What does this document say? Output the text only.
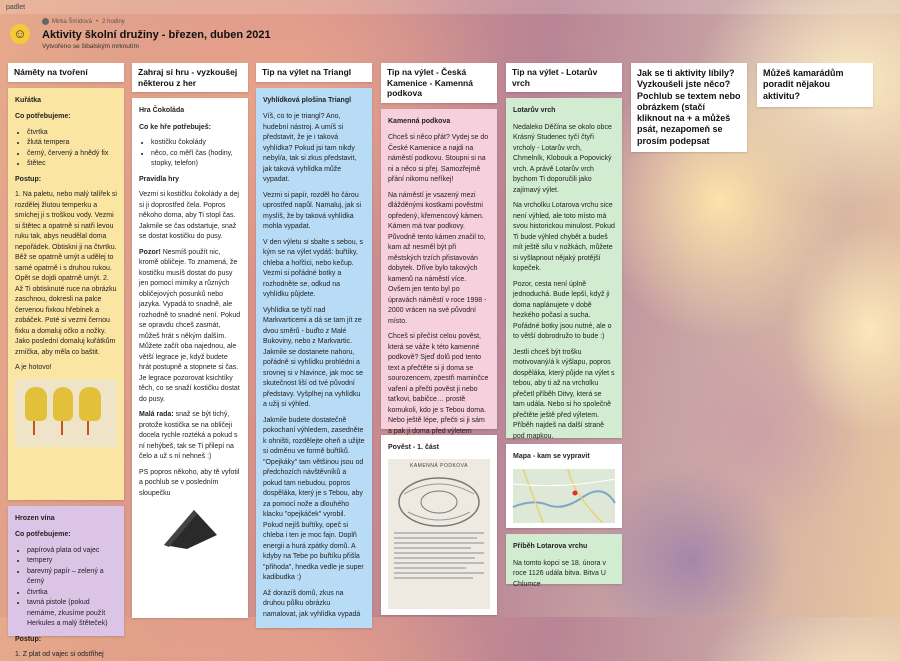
padlet
☺
Mirka Šmídová • 2 hodiny
Aktivity školní družiny - březen, duben 2021
Vytvořeno se šibalským mrknutím
Náměty na tvoření
Kuřátka

Co potřebujeme:

• čtvrtka
• žlutá tempera
• černý, červený a hnědý fix
• štětec

Postup:

1. Na paletu, nebo malý talířek si rozdělej žlutou temperku a smíchej ji s troškou vody. Vezmi si štětec a opatrně si natři levou ruku tak, abys neudělal doma nepořádek. Obtiskni ji na čtvrtku. Běž se opatrně umýt a udělej to samé opatrně i s druhou rukou. Opět se dojdi opatrně umýt. 2. Až Ti obtisknuté ruce na obrázku zaschnou, dokresli na palce červenou fixkou hřebínek a zobáček. Poté si vezmi černou fixku a domaluj očko a nožky. Jako poslední domaluj kuřátkům zrníčka, aby měla co baštit.

A je hotovo!

Hrozen vína

Co potřebujeme:

• papírová plata od vajec
• tempery
• barevný papír – zelený a černý
• čtvrtka
• tavná pistole (pokud nemáme, zkusíme použít Herkules a malý štěteček)

Postup:

1. Z plat od vajec si odstřihej

Zahraj si hru - vyzkoušej některou z her
Hra Čokoláda

Co ke hře potřebuješ:

• kostičku čokolády
• něco, co měří čas (hodiny, stopky, telefon)

Pravidla hry

Vezmi si kostičku čokolády a dej si ji doprostřed čela. Popros někoho doma, aby Ti stopl čas. Jakmile se čas odstartuje, snaž se dostat kostičku do pusy.

Pozor! Nesmíš použít nic, kromě obličeje. To znamená, že kostičku musíš dostat do pusy jen pomocí mimiky a různých obličejových posunků nebo jazyka. Vypadá to snadně, ale rozhodně to snadné není. Pokud se opravdu chceš zasmát, můžeš hrát s někým dalším. Můžete začít oba najednou, ale větší legrace je, když budete hrát postupně a stopnete si čas. Je legrace pozorovat ksichtíky těch, co se snaží kostičku dostat do pusy.

Malá rada: snaž se být tichý, protože kostička se na obličeji docela rychle roztéká a pokud s ní nehýbeš, tak se Ti přilepí na čelo a už s ní nehneš :)

PS popros někoho, aby tě vyfotil a pochlub se v posledním sloupečku

Tip na výlet na Triangl
Vyhlídková plošina Triangl

Víš, co to je triangl? Ano, hudební nástroj. A umíš si představit, že je i taková vyhlídka? Pokud jsi tam nikdy nebyl/a, tak si zkus představit, jak taková vyhlídka může vypadat.

Vezmi si papír, rozděl ho čárou uprostřed napůl. Namaluj, jak si myslíš, že by taková vyhlídka mohla vypadat.

V den výletu si sbalte s sebou, s kým se na výlet vydáš: buřtíky, chleba a hořčici, nebo kečup. Vezmi si pořádné botky a rozhodněte se, odkud na vyhlídku půjdete.

Vyhlídka se tyčí nad Markvarticemi a dá se tam jít ze dvou směrů - buďto z Malé Bukoviny, nebo z Markvartic. Jakmile se dostanete nahoru, pořádně si vyhlídku prohlédni a srovnej si v hlavince, jak moc se skutečnost liší od tvé původní představy. Vyšplhej na vyhlídku a užij si výhled.

Jakmile budete dostatečně pokochaní výhledem, zasedněte k ohništi, rozdělejte oheň a užijte si odměnu ve formě buřtíků. "Opejkáky" tam většinou jsou od předchozích návštěvníků a pokud tam nebudou, popros dospěláka, který je s Tebou, aby za pomocí nože a dlouhého klacku "opejkáček" vyrobil. Pokud nejíš buřtíky, opeč si chleba i ten je moc fajn. Doplň energii a hurá zpátky domů. A kdyby na Tebe po buřtíku přišla "přihoda", hnedka vedle je super kadibudka :)

Až dorazíš domů, zkus na druhou půlku obrázku namalovat, jak vyhlídka vypadá

Tip na výlet - Česká Kamenice - Kamenná podkova
Kamenná podkova

Chceš si něco přát? Vydej se do České Kamenice a najdi na náměstí podkovu. Stoupni si na ni a něco si přej. Samozřejmě přání nikomu neříkej!

Na náměstí je vsazený mezi dlážděnými kostkami pověstmi opředený, křemencový kámen. Kámen má tvar podkovy. Původně tento kámen značil to, kam až nesměl být při městských trzích přistavován dobytek. Dříve bylo takových kamenů na náměstí více. Ovšem jen tento byl po úpravách náměstí v roce 1998 - 2000 vrácen na své původní místo.

Chceš si přečíst celou pověst, která se váže k této kamenné podkově? Sjeď dolů pod tento text a přečtěte si ji doma se sourozencem, zpestři maminčce vaření a přečti pověst ji nebo taťkovi, babičce… prostě komukoli, kdo je s Tebou doma. Nebo ještě lépe, přečti si ji sám a pak ji doma před výletem

Pověst - 1. část
KAMENNÁ PODKOVA
Tip na výlet - Lotarův vrch
Lotarův vrch

Nedaleko Děčína se okolo obce Krásný Studenec tyčí čtyři vrcholy - Lotarův vrch, Chmelník, Klobouk a Popovický vrch. A právě Lotarův vrch bychom Ti doporučili jako zajímavý výlet.

Na vrcholku Lotarova vrchu sice není výhled, ale toto místo má svou historickou minulost. Pokud Ti bude výhled chybět a budeš mít ještě sílu v nožkách, můžete si vyšlapnout nějaký protější kopeček.

Pozor, cesta není úplně jednoduchá. Bude lepší, když ji doma naplánujete v době hezkého počasí a sucha. Pořádné botky jsou nutné, ale o to větší dobrodružo to bude :)

Jestli chceš být trošku motivovaný/á k výšlapu, popros dospěláka, který půjde na výlet s tebou, aby ti až na vrcholku přečetl příběh Ditvy, která se tam udála. Nebo si ho společně přečtěte ještě před výletem. Příběh najdeš na další straně pod mapkou.

Mapa - kam se vypravit
Příběh Lotarova vrchu

Na tomto kopci se 18. února v roce 1126 udála bitva. Bitva U Chlumce

Jak se ti aktivity líbily? Vyzkoušeli jste něco? Pochlub se textem nebo obrázkem (stačí kliknout na + a můžeš psát, nezapomeň se prosím podepsat
Můžeš kamarádům poradit nějakou aktivitu?
